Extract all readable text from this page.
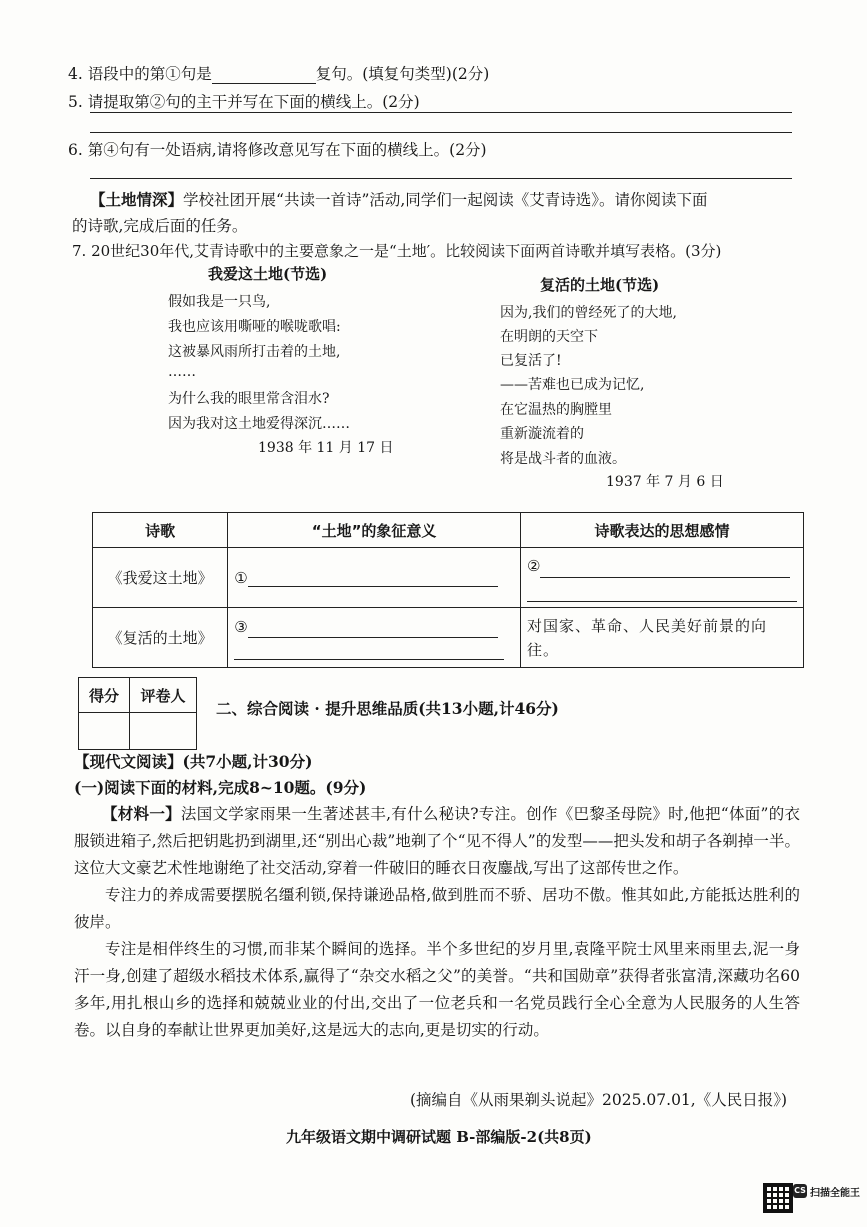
4. 语段中的第①句是	复句。(填复句类型)(2分)
5. 请提取第②句的主干并写在下面的横线上。(2分)
6. 第④句有一处语病,请将修改意见写在下面的横线上。(2分)
【土地情深】学校社团开展“共读一首诗”活动,同学们一起阅读《艾青诗选》。请你阅读下面
的诗歌,完成后面的任务。
7. 20世纪30年代,艾青诗歌中的主要意象之一是“土地′。比较阅读下面两首诗歌并填写表格。(3分)
我爱这土地(节选)
假如我是一只鸟,
我也应该用嘶哑的喉咙歌唱:
这被暴风雨所打击着的土地,
……
为什么我的眼里常含泪水?
因为我对这土地爱得深沉……
1938 年 11 月 17 日
复活的土地(节选)
因为,我们的曾经死了的大地,
在明朗的天空下
已复活了!
——苦难也已成为记忆,
在它温热的胸膛里
重新漩流着的
将是战斗者的血液。
1937 年 7 月 6 日
诗歌	“土地”的象征意义	诗歌表达的思想感情
《我爱这土地》	①	②

《复活的土地》	③	对国家、革命、人民美好前景的向往。
得分	评卷人

二、综合阅读 · 提升思维品质(共13小题,计46分)
【现代文阅读】(共7小题,计30分)
(一)阅读下面的材料,完成8~10题。(9分)

【材料一】法国文学家雨果一生著述甚丰,有什么秘诀?专注。创作《巴黎圣母院》时,他把“体面”的衣服锁进箱子,然后把钥匙扔到湖里,还“别出心裁”地剃了个“见不得人”的发型——把头发和胡子各剃掉一半。这位大文豪艺术性地谢绝了社交活动,穿着一件破旧的睡衣日夜鏖战,写出了这部传世之作。

专注力的养成需要摆脱名缰利锁,保持谦逊品格,做到胜而不骄、居功不傲。惟其如此,方能抵达胜利的彼岸。

专注是相伴终生的习惯,而非某个瞬间的选择。半个多世纪的岁月里,袁隆平院士风里来雨里去,泥一身汗一身,创建了超级水稻技术体系,赢得了“杂交水稻之父”的美誉。“共和国勋章”获得者张富清,深藏功名60多年,用扎根山乡的选择和兢兢业业的付出,交出了一位老兵和一名党员践行全心全意为人民服务的人生答卷。以自身的奉献让世界更加美好,这是远大的志向,更是切实的行动。

(摘编自《从雨果剃头说起》2025.07.01,《人民日报》)
九年级语文期中调研试题 B-部编版-2(共8页)
CS 扫描全能王
